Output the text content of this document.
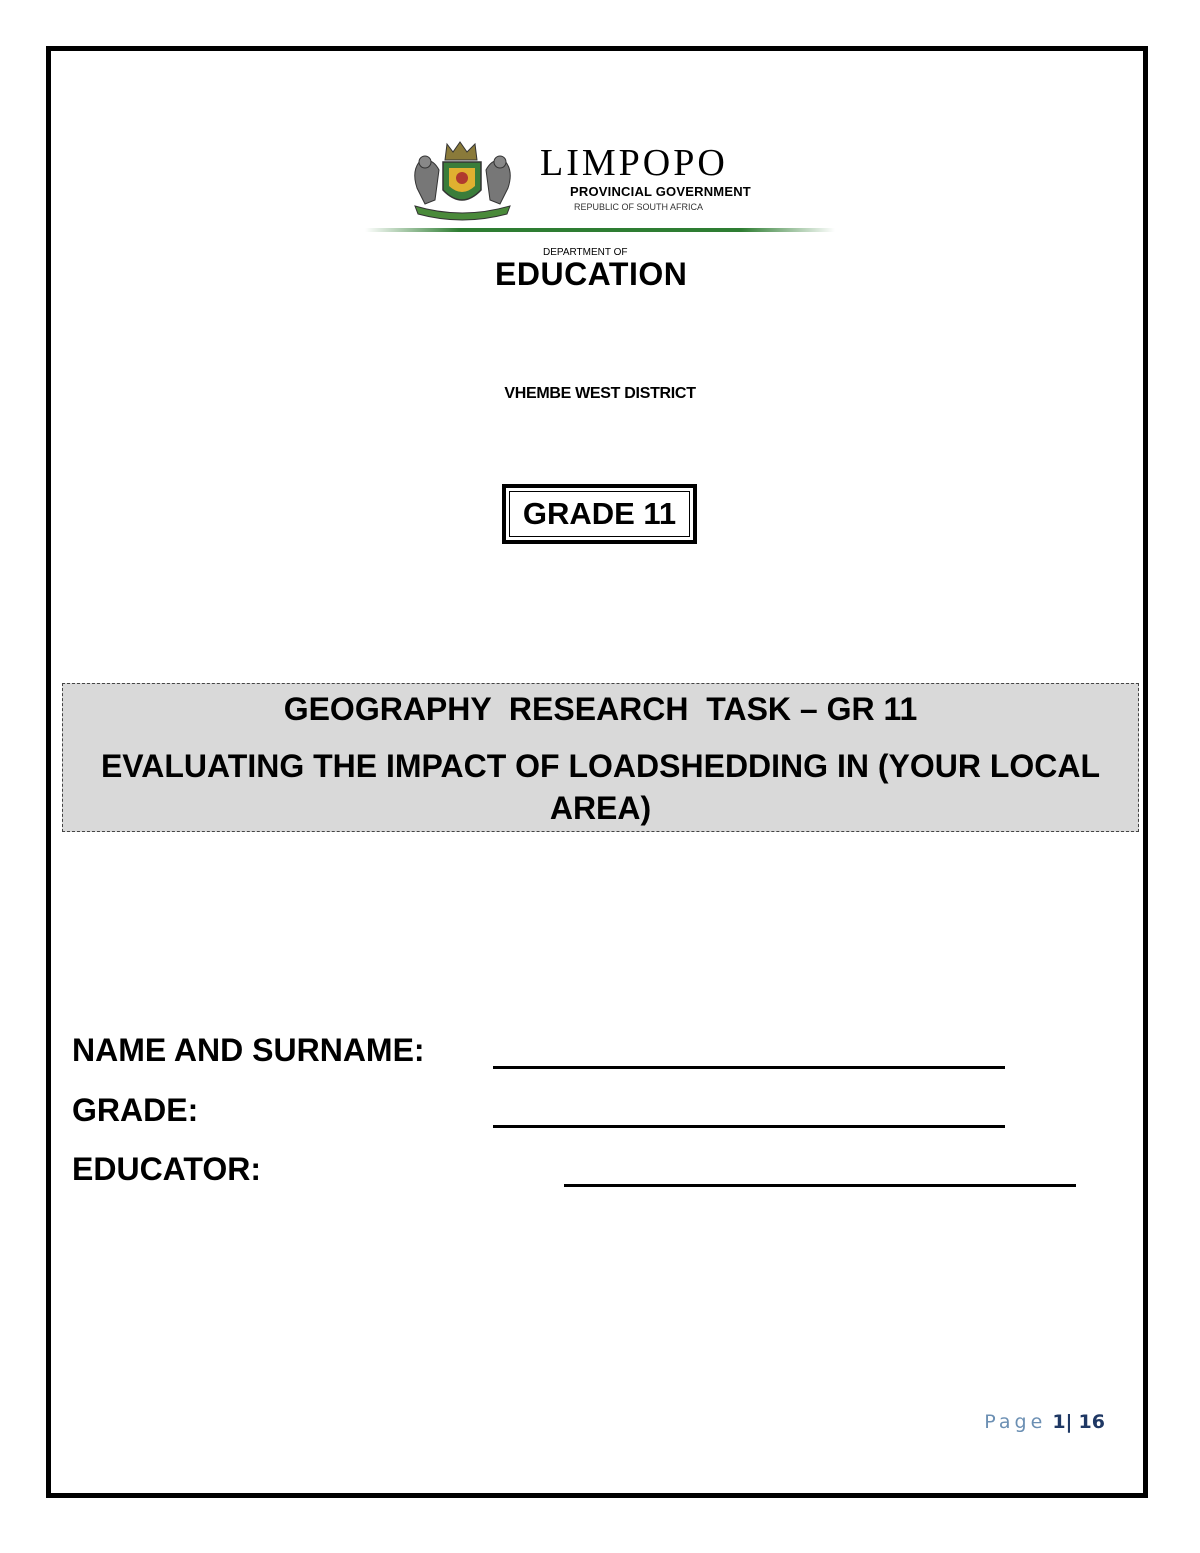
LIMPOPO
PROVINCIAL GOVERNMENT
REPUBLIC OF SOUTH AFRICA
DEPARTMENT OF
EDUCATION
VHEMBE WEST DISTRICT
GRADE 11
GEOGRAPHY  RESEARCH  TASK – GR 11
EVALUATING THE IMPACT OF LOADSHEDDING IN (YOUR LOCAL AREA)
NAME AND SURNAME:
GRADE:
EDUCATOR:
Page 1| 16
